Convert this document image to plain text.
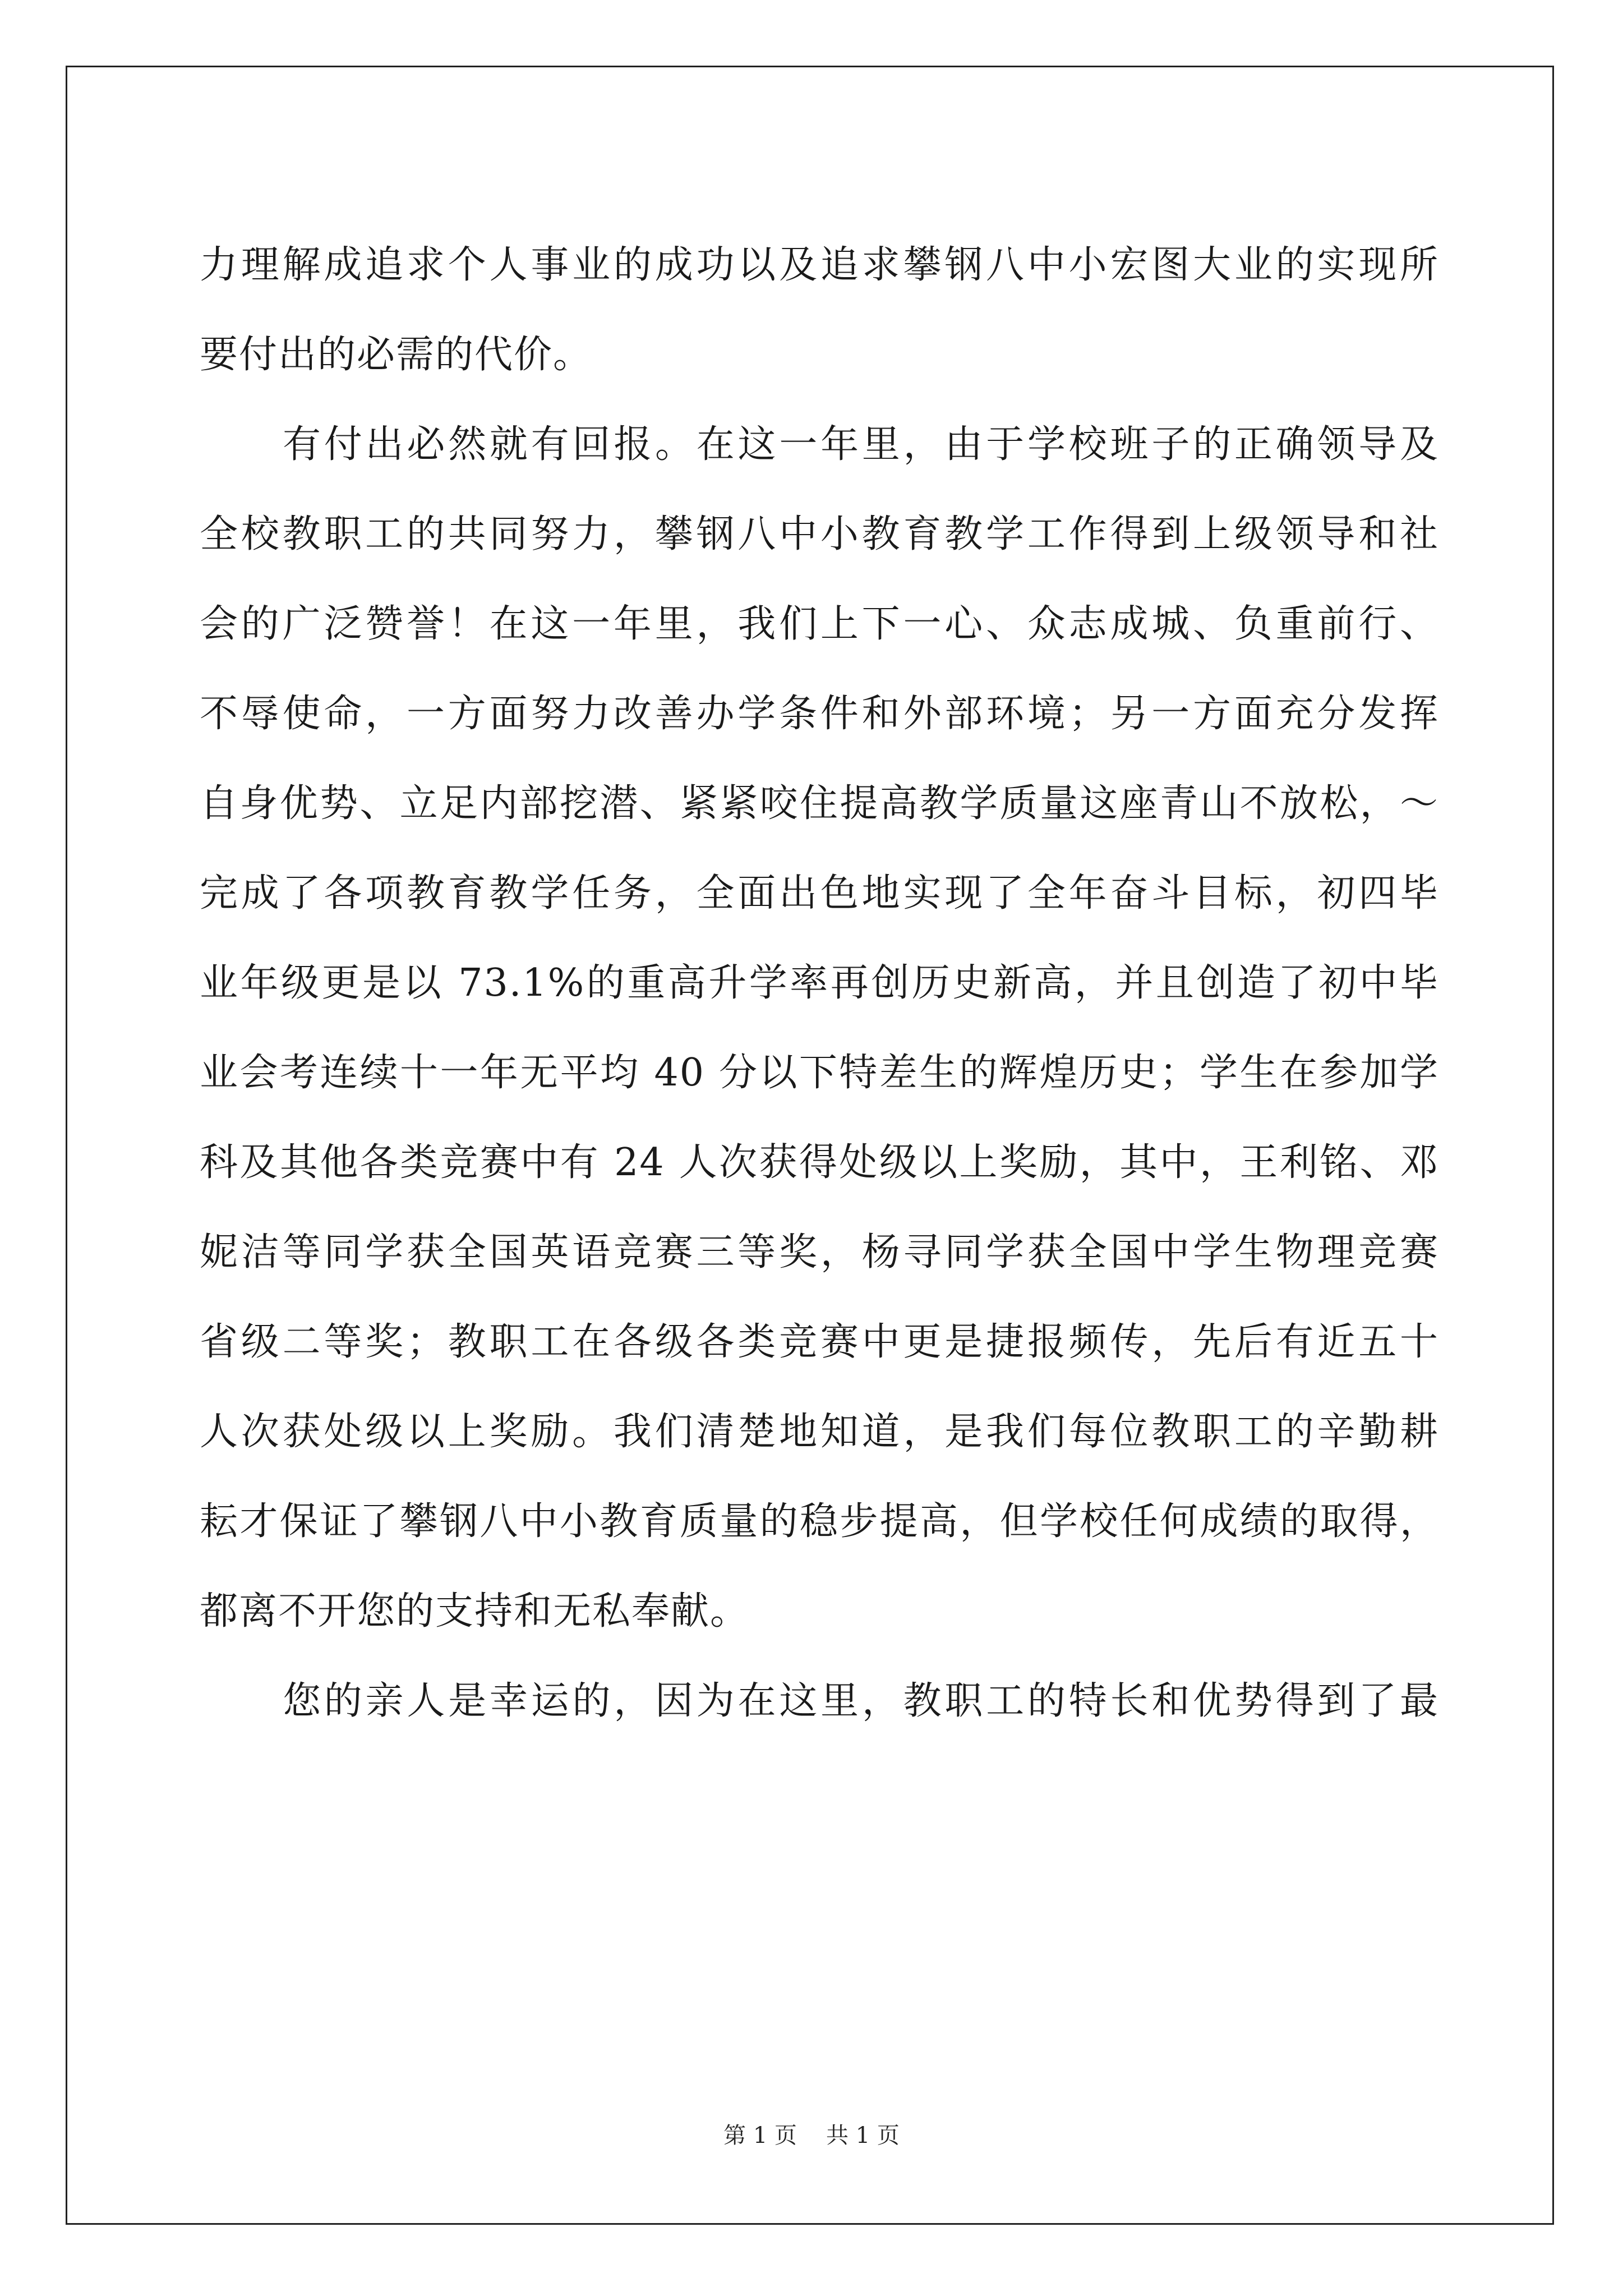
力理解成追求个人事业的成功以及追求攀钢八中小宏图大业的实现所
要付出的必需的代价。
有付出必然就有回报。在这一年里，由于学校班子的正确领导及
全校教职工的共同努力，攀钢八中小教育教学工作得到上级领导和社
会的广泛赞誉！在这一年里，我们上下一心、众志成城、负重前行、
不辱使命，一方面努力改善办学条件和外部环境；另一方面充分发挥
自身优势、立足内部挖潜、紧紧咬住提高教学质量这座青山不放松，～
完成了各项教育教学任务，全面出色地实现了全年奋斗目标，初四毕
业年级更是以 73.1%的重高升学率再创历史新高，并且创造了初中毕
业会考连续十一年无平均 40 分以下特差生的辉煌历史；学生在参加学
科及其他各类竞赛中有 24 人次获得处级以上奖励，其中，王利铭、邓
妮洁等同学获全国英语竞赛三等奖，杨寻同学获全国中学生物理竞赛
省级二等奖；教职工在各级各类竞赛中更是捷报频传，先后有近五十
人次获处级以上奖励。我们清楚地知道，是我们每位教职工的辛勤耕
耘才保证了攀钢八中小教育质量的稳步提高，但学校任何成绩的取得，
都离不开您的支持和无私奉献。
您的亲人是幸运的，因为在这里，教职工的特长和优势得到了最
第 1 页 共 1 页
